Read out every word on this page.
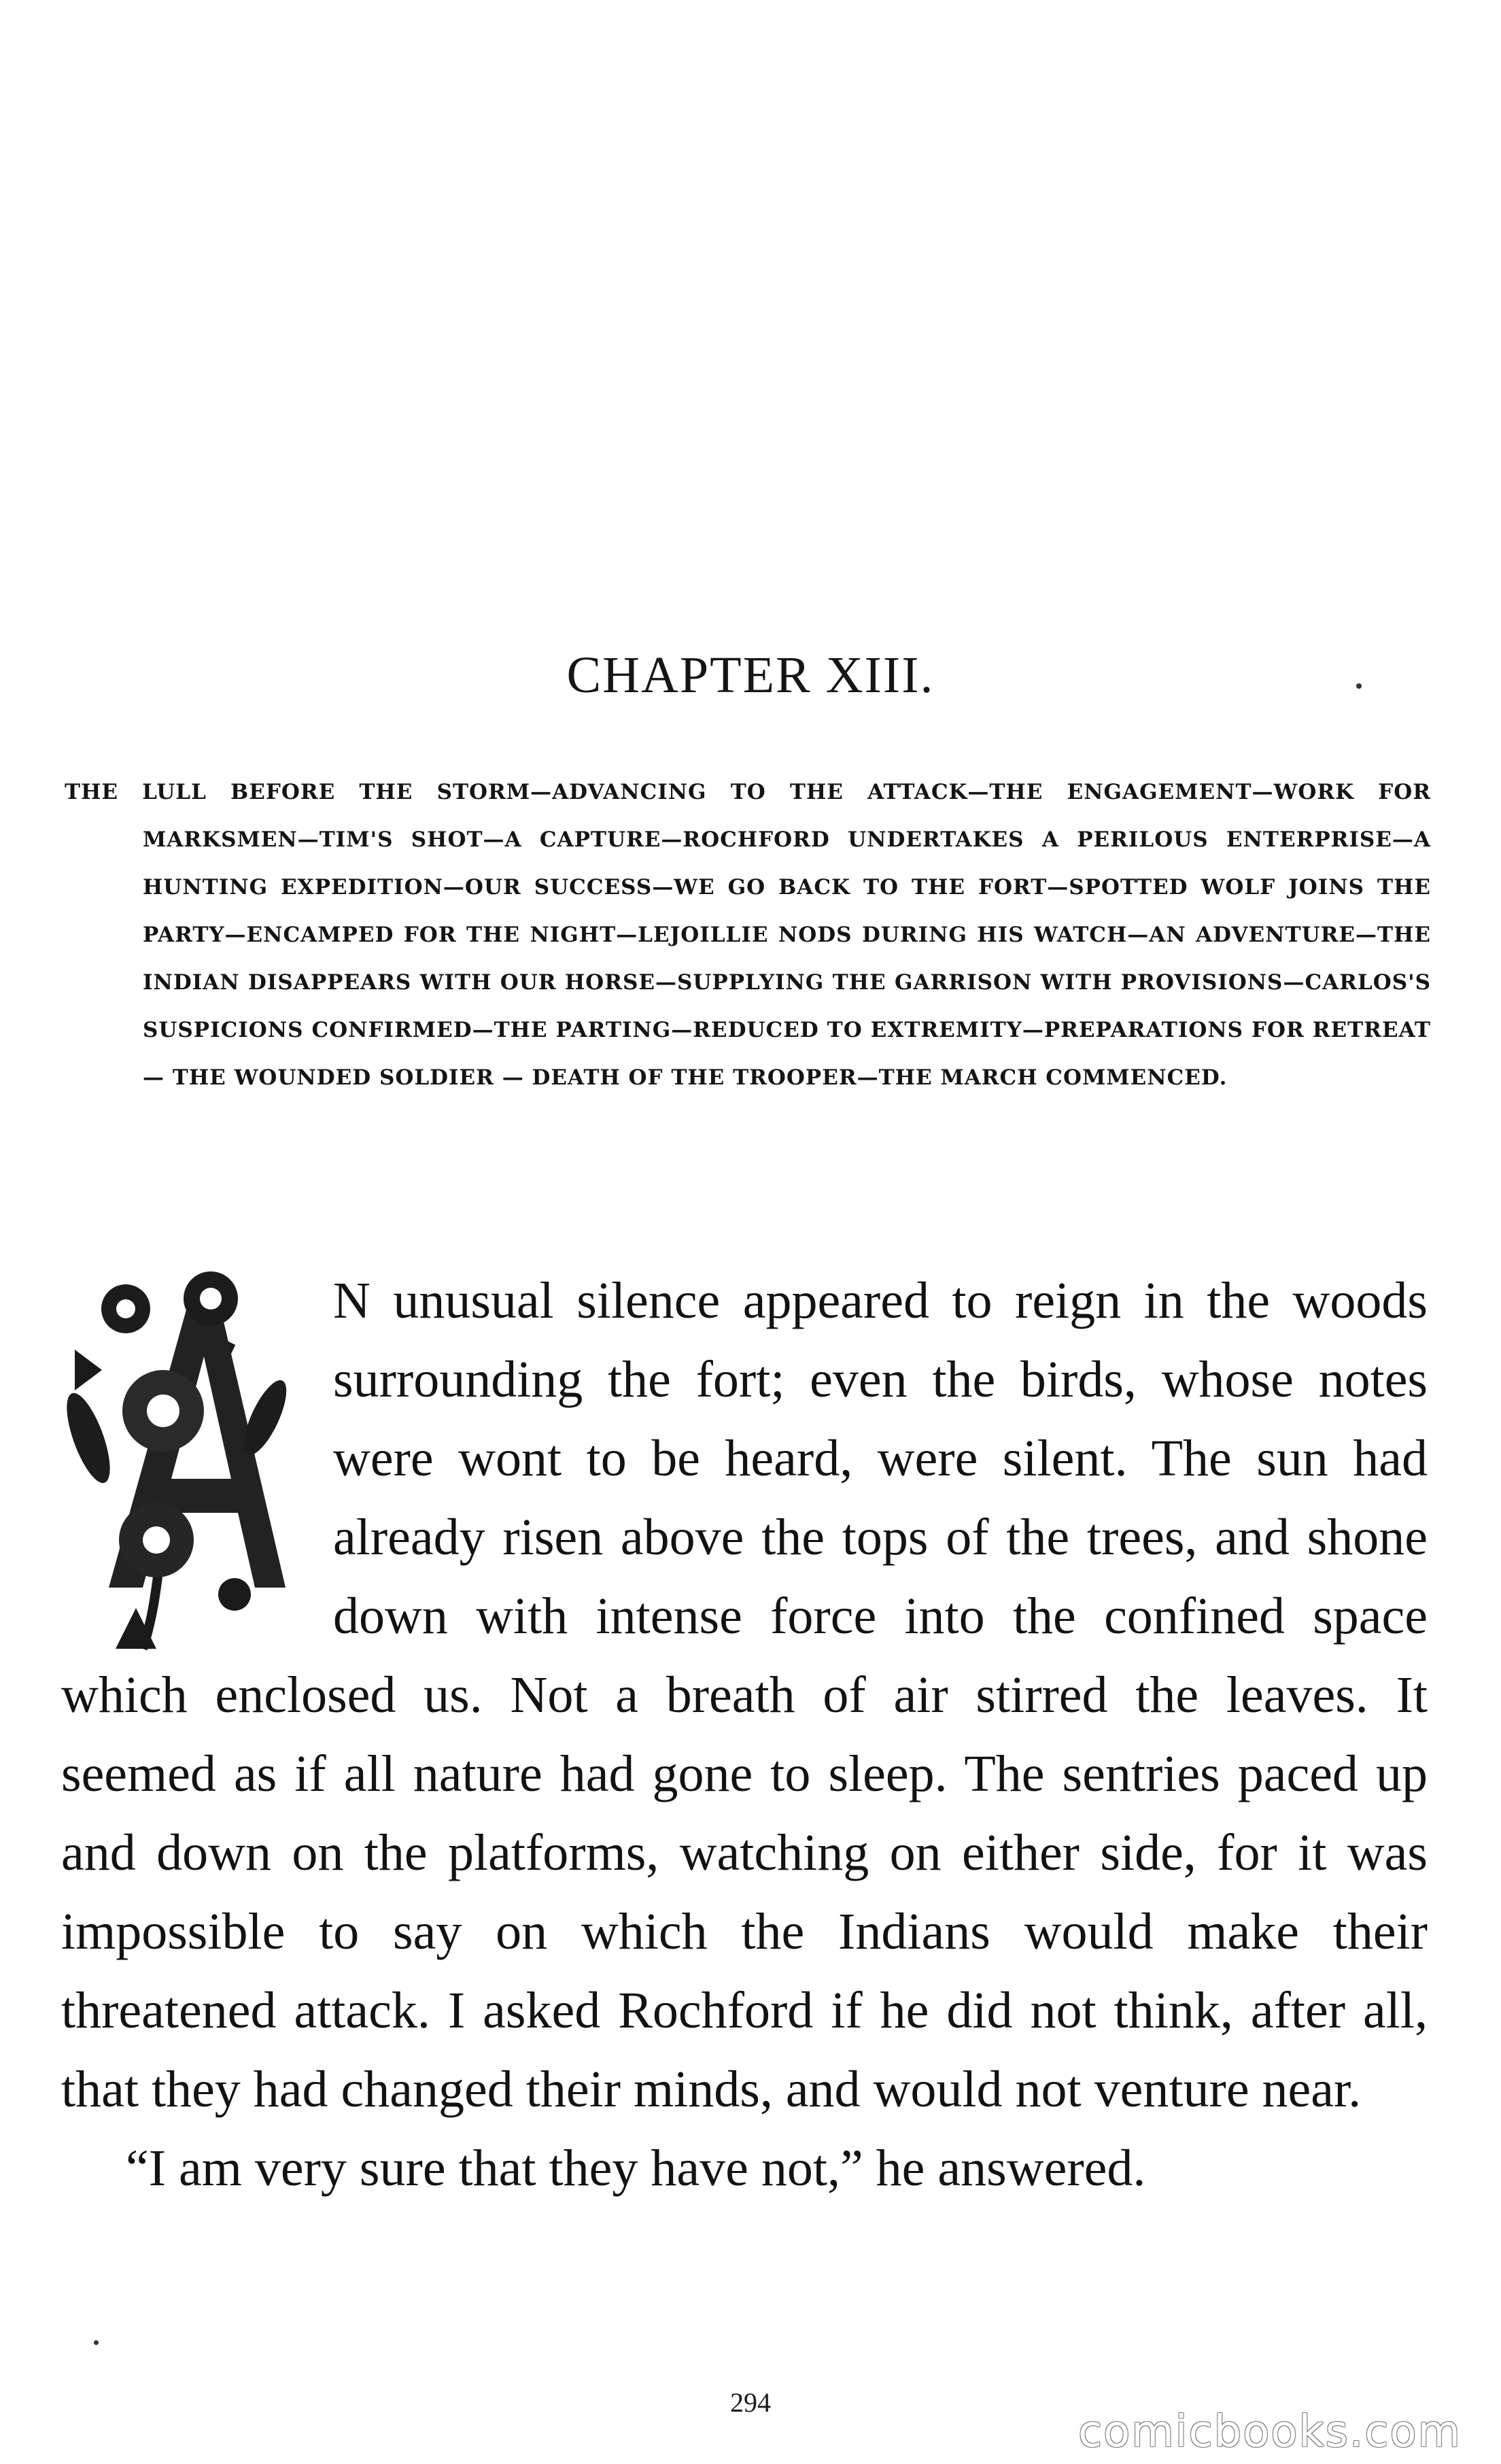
CHAPTER XIII.
THE LULL BEFORE THE STORM—ADVANCING TO THE ATTACK—THE ENGAGEMENT—WORK FOR MARKSMEN—TIM'S SHOT—A CAPTURE—ROCHFORD UNDERTAKES A PERILOUS ENTERPRISE—A HUNTING EXPEDITION—OUR SUCCESS—WE GO BACK TO THE FORT—SPOTTED WOLF JOINS THE PARTY—ENCAMPED FOR THE NIGHT—LEJOILLIE NODS DURING HIS WATCH—AN ADVENTURE—THE INDIAN DISAPPEARS WITH OUR HORSE—SUPPLYING THE GARRISON WITH PROVISIONS—CARLOS'S SUSPICIONS CONFIRMED—THE PARTING—REDUCED TO EXTREMITY—PREPARATIONS FOR RETREAT — THE WOUNDED SOLDIER — DEATH OF THE TROOPER—THE MARCH COMMENCED.

N unusual silence appeared to reign in the woods surrounding the fort; even the birds, whose notes were wont to be heard, were silent. The sun had already risen above the tops of the trees, and shone down with intense force into the confined space which enclosed us. Not a breath of air stirred the leaves. It seemed as if all nature had gone to sleep. The sentries paced up and down on the platforms, watching on either side, for it was impossible to say on which the Indians would make their threatened attack. I asked Rochford if he did not think, after all, that they had changed their minds, and would not venture near.

“I am very sure that they have not,” he answered.

294
comicbooks.com
